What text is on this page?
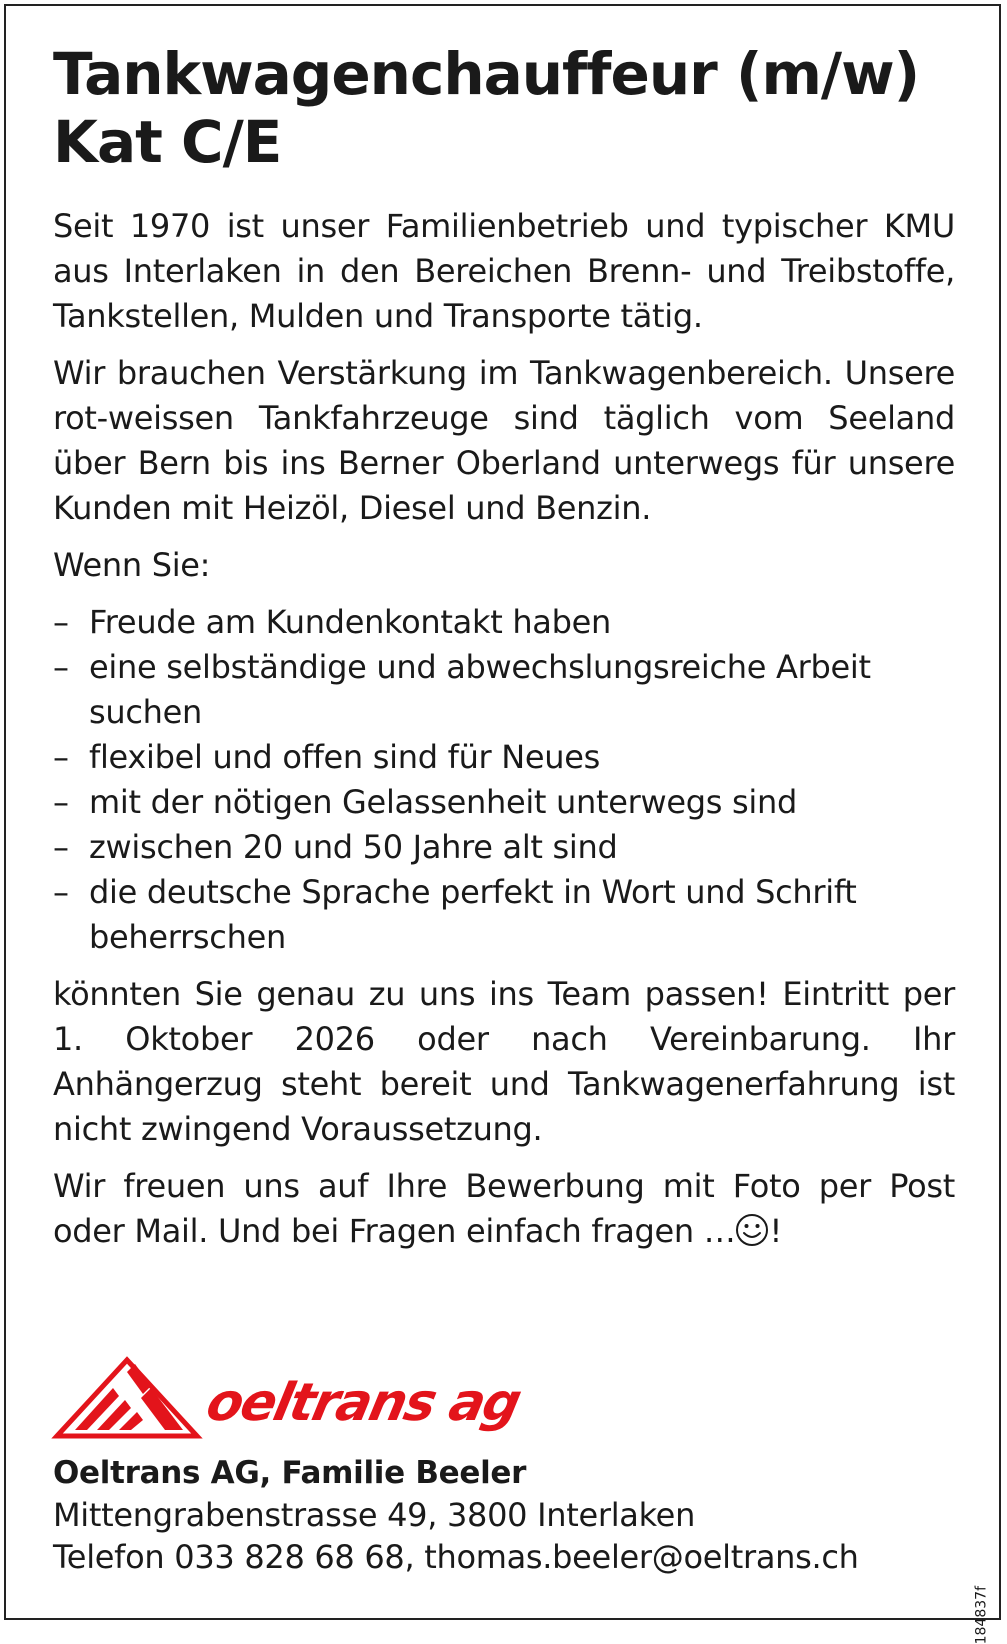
Tankwagenchauffeur (m/w)
Kat C/E

Seit 1970 ist unser Familienbetrieb und typischer KMU aus Interlaken in den Bereichen Brenn- und Treibstoffe, Tankstellen, Mulden und Transporte tätig.

Wir brauchen Verstärkung im Tankwagenbereich. Unsere rot-weissen Tankfahrzeuge sind täglich vom Seeland über Bern bis ins Berner Oberland unterwegs für unsere Kunden mit Heizöl, Diesel und Benzin.

Wenn Sie:

– Freude am Kundenkontakt haben
– eine selbständige und abwechslungsreiche Arbeit suchen
– flexibel und offen sind für Neues
– mit der nötigen Gelassenheit unterwegs sind
– zwischen 20 und 50 Jahre alt sind
– die deutsche Sprache perfekt in Wort und Schrift beherrschen

könnten Sie genau zu uns ins Team passen! Eintritt per 1. Oktober 2026 oder nach Vereinbarung. Ihr Anhängerzug steht bereit und Tankwagenerfahrung ist nicht zwingend Voraussetzung.

Wir freuen uns auf Ihre Bewerbung mit Foto per Post oder Mail. Und bei Fragen einfach fragen … !

oeltrans ag
Oeltrans AG, Familie Beeler
Mittengrabenstrasse 49, 3800 Interlaken
Telefon 033 828 68 68, thomas.beeler@oeltrans.ch
184837f
